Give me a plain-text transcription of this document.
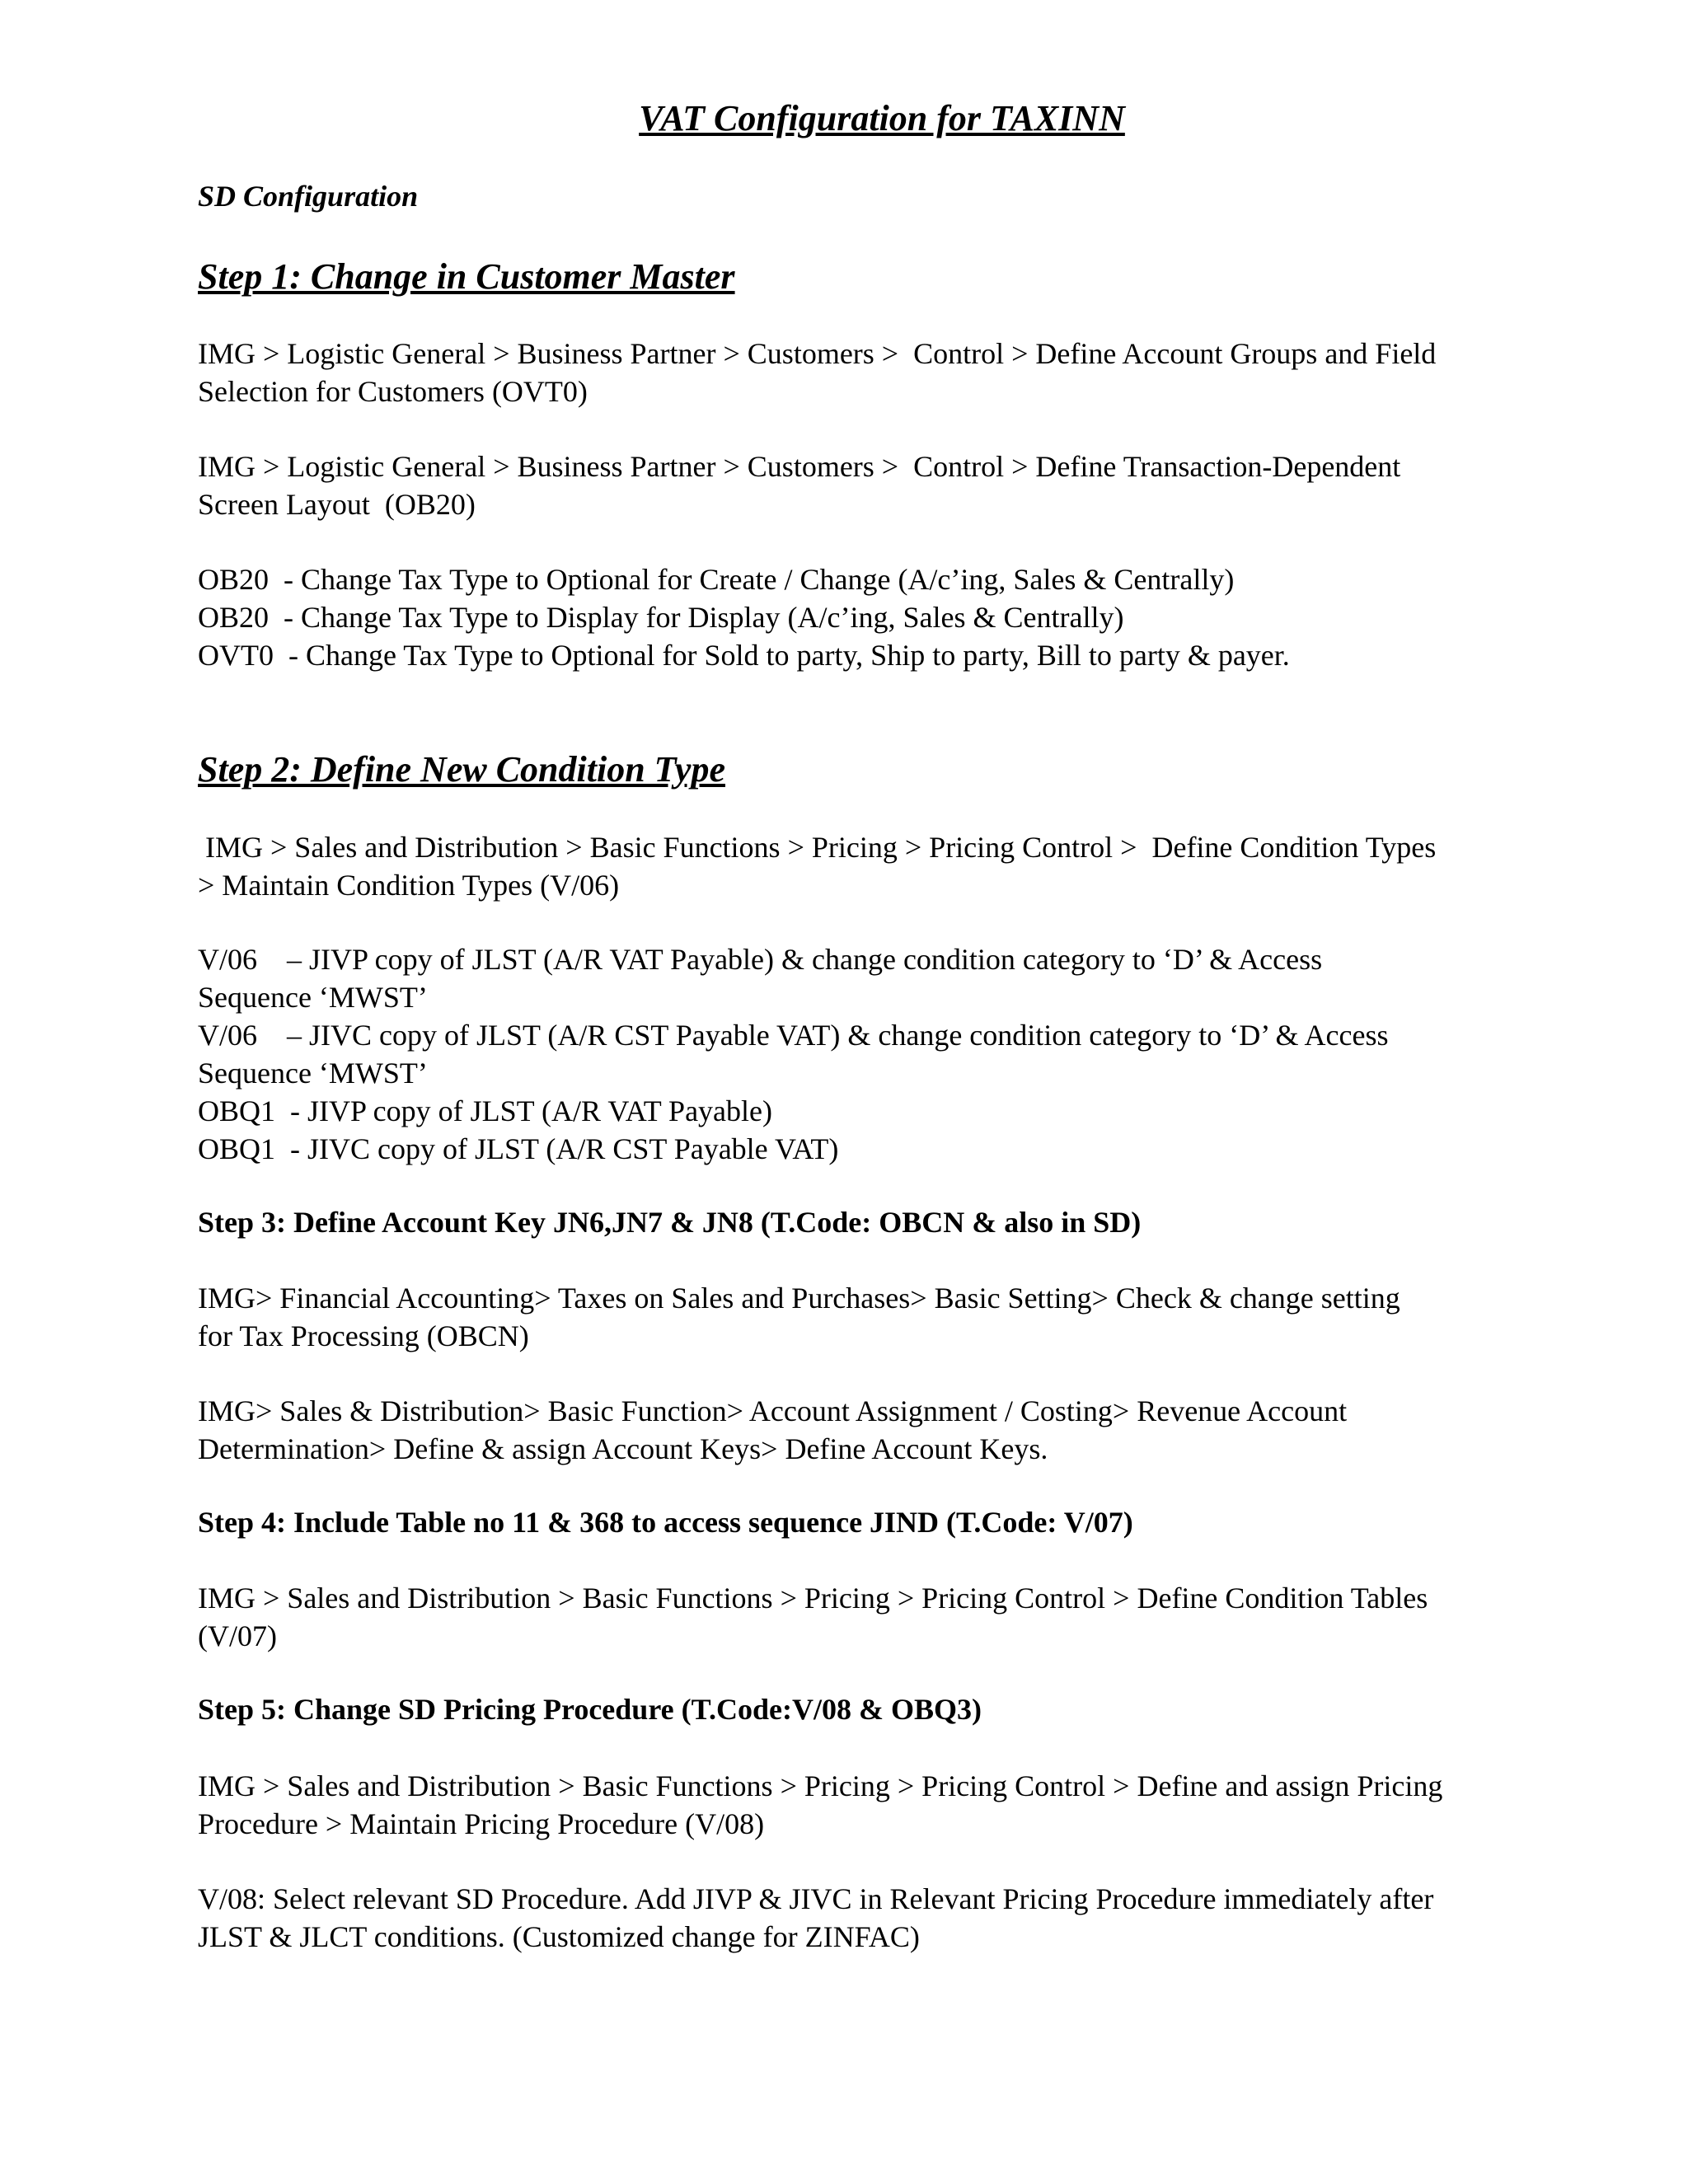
VAT Configuration for TAXINN

SD Configuration

Step 1: Change in Customer Master

IMG > Logistic General > Business Partner > Customers >  Control > Define Account Groups and Field
Selection for Customers (OVT0)

IMG > Logistic General > Business Partner > Customers >  Control > Define Transaction-Dependent
Screen Layout  (OB20)

OB20  - Change Tax Type to Optional for Create / Change (A/c’ing, Sales & Centrally)
OB20  - Change Tax Type to Display for Display (A/c’ing, Sales & Centrally)
OVT0  - Change Tax Type to Optional for Sold to party, Ship to party, Bill to party & payer.

Step 2: Define New Condition Type

IMG > Sales and Distribution > Basic Functions > Pricing > Pricing Control >  Define Condition Types
> Maintain Condition Types (V/06)

V/06    – JIVP copy of JLST (A/R VAT Payable) & change condition category to ‘D’ & Access
Sequence ‘MWST’
V/06    – JIVC copy of JLST (A/R CST Payable VAT) & change condition category to ‘D’ & Access
Sequence ‘MWST’
OBQ1  - JIVP copy of JLST (A/R VAT Payable)
OBQ1  - JIVC copy of JLST (A/R CST Payable VAT)

Step 3: Define Account Key JN6,JN7 & JN8 (T.Code: OBCN & also in SD)

IMG> Financial Accounting> Taxes on Sales and Purchases> Basic Setting> Check & change setting
for Tax Processing (OBCN)

IMG> Sales & Distribution> Basic Function> Account Assignment / Costing> Revenue Account
Determination> Define & assign Account Keys> Define Account Keys.

Step 4: Include Table no 11 & 368 to access sequence JIND (T.Code: V/07)

IMG > Sales and Distribution > Basic Functions > Pricing > Pricing Control > Define Condition Tables
(V/07)

Step 5: Change SD Pricing Procedure (T.Code:V/08 & OBQ3)

IMG > Sales and Distribution > Basic Functions > Pricing > Pricing Control > Define and assign Pricing
Procedure > Maintain Pricing Procedure (V/08)

V/08: Select relevant SD Procedure. Add JIVP & JIVC in Relevant Pricing Procedure immediately after
JLST & JLCT conditions. (Customized change for ZINFAC)
